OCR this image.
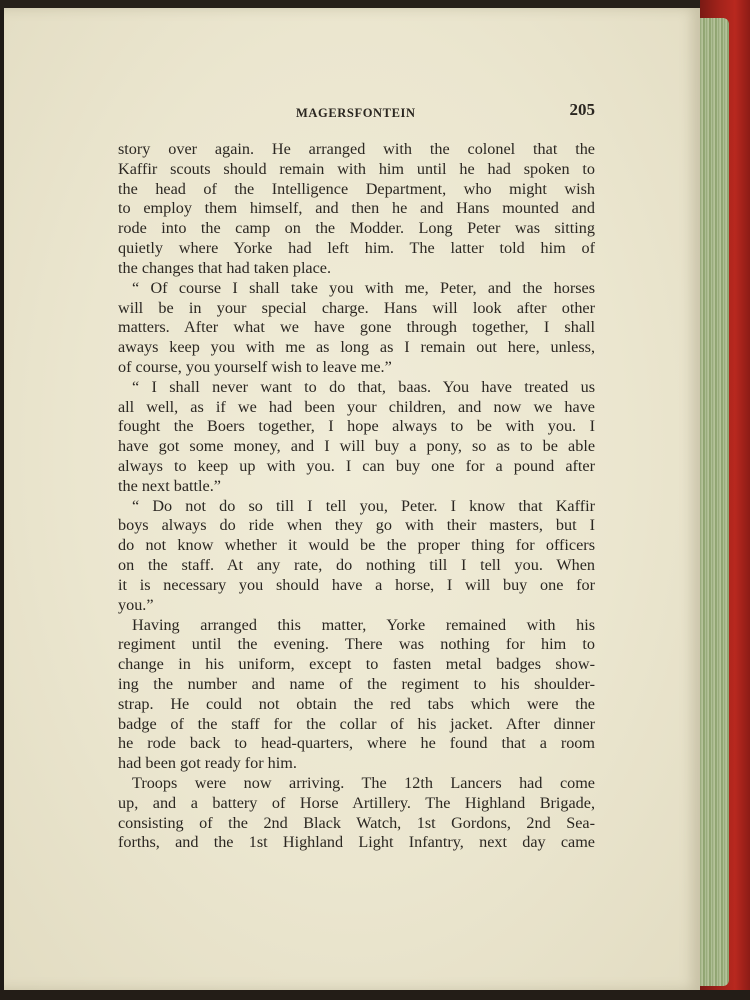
MAGERSFONTEIN	205
story over again. He arranged with the colonel that the
Kaffir scouts should remain with him until he had spoken to
the head of the Intelligence Department, who might wish
to employ them himself, and then he and Hans mounted and
rode into the camp on the Modder. Long Peter was sitting
quietly where Yorke had left him. The latter told him of
the changes that had taken place.
“ Of course I shall take you with me, Peter, and the horses
will be in your special charge. Hans will look after other
matters. After what we have gone through together, I shall
aways keep you with me as long as I remain out here, unless,
of course, you yourself wish to leave me.”
“ I shall never want to do that, baas. You have treated us
all well, as if we had been your children, and now we have
fought the Boers together, I hope always to be with you. I
have got some money, and I will buy a pony, so as to be able
always to keep up with you. I can buy one for a pound after
the next battle.”
“ Do not do so till I tell you, Peter. I know that Kaffir
boys always do ride when they go with their masters, but I
do not know whether it would be the proper thing for officers
on the staff. At any rate, do nothing till I tell you. When
it is necessary you should have a horse, I will buy one for
you.”
Having arranged this matter, Yorke remained with his
regiment until the evening. There was nothing for him to
change in his uniform, except to fasten metal badges show-
ing the number and name of the regiment to his shoulder-
strap. He could not obtain the red tabs which were the
badge of the staff for the collar of his jacket. After dinner
he rode back to head-quarters, where he found that a room
had been got ready for him.
Troops were now arriving. The 12th Lancers had come
up, and a battery of Horse Artillery. The Highland Brigade,
consisting of the 2nd Black Watch, 1st Gordons, 2nd Sea-
forths, and the 1st Highland Light Infantry, next day came
